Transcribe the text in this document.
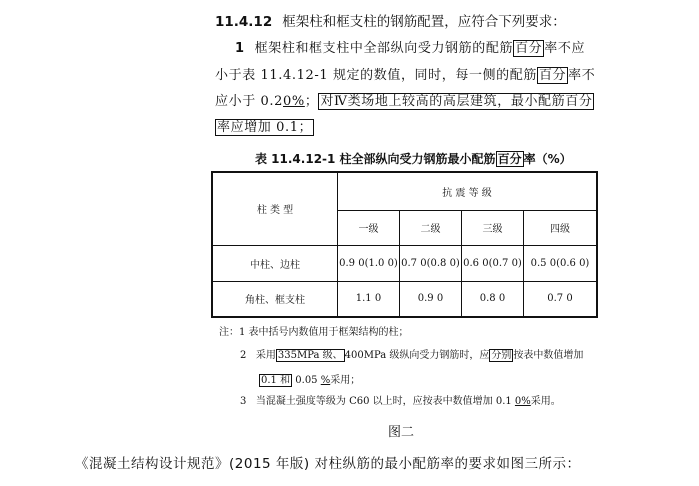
11.4.12 框架柱和框支柱的钢筋配置，应符合下列要求：
1 框架柱和框支柱中全部纵向受力钢筋的配筋 百分 率不应
小于表 11.4.12-1 规定的数值，同时，每一侧的配筋 百分 率不
应小于 0.20%； 对Ⅳ类场地上较高的高层建筑，最小配筋百分
率应增加 0.1；
表 11.4.12-1 柱全部纵向受力钢筋最小配筋 百分 率（%）
柱 类 型	抗 震 等 级			
	一级	二级	三级	四级
中柱、边柱	0.9 0(1.0 0)	0.7 0(0.8 0)	0.6 0(0.7 0)	0.5 0(0.6 0)
角柱、框支柱	1.1 0	0.9 0	0.8 0	0.7 0
注：1 表中括号内数值用于框架结构的柱；
2 采用 335MPa 级、 400MPa 级纵向受力钢筋时，应 分别 按表中数值增加
0.1 和 0.05 %采用；
3 当混凝土强度等级为 C60 以上时，应按表中数值增加 0.1 0%采用。
图二
《混凝土结构设计规范》(2015 年版) 对柱纵筋的最小配筋率的要求如图三所示：
